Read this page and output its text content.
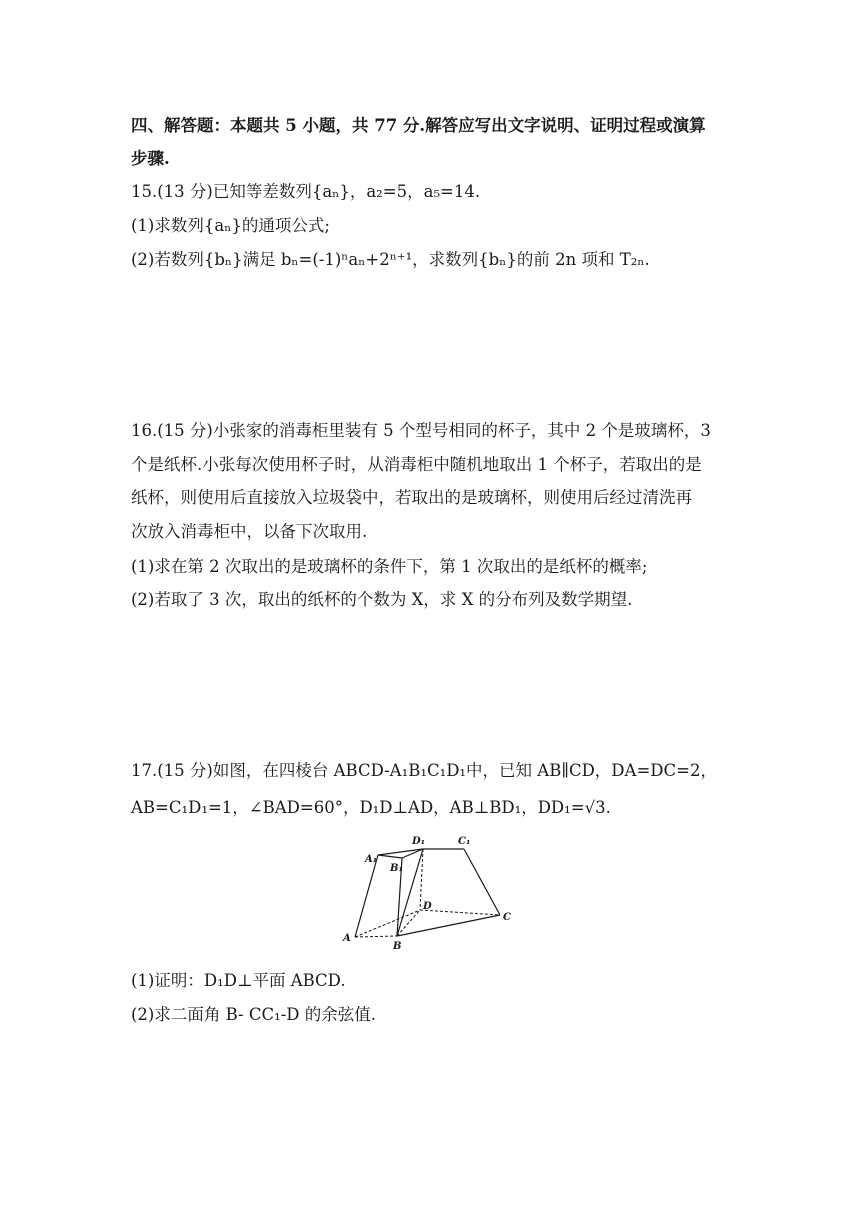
四、解答题：本题共 5 小题，共 77 分.解答应写出文字说明、证明过程或演算
步骤.
15.(13 分)已知等差数列{aₙ}，a₂=5，a₅=14.
(1)求数列{aₙ}的通项公式;
(2)若数列{bₙ}满足 bₙ=(-1)ⁿaₙ+2ⁿ⁺¹，求数列{bₙ}的前 2n 项和 T₂ₙ.
16.(15 分)小张家的消毒柜里装有 5 个型号相同的杯子，其中 2 个是玻璃杯，3
个是纸杯.小张每次使用杯子时，从消毒柜中随机地取出 1 个杯子，若取出的是
纸杯，则使用后直接放入垃圾袋中，若取出的是玻璃杯，则使用后经过清洗再
次放入消毒柜中，以备下次取用.
(1)求在第 2 次取出的是玻璃杯的条件下，第 1 次取出的是纸杯的概率;
(2)若取了 3 次，取出的纸杯的个数为 X，求 X 的分布列及数学期望.
17.(15 分)如图，在四棱台 ABCD-A₁B₁C₁D₁中，已知 AB∥CD，DA=DC=2，
AB=C₁D₁=1，∠BAD=60°，D₁D⊥AD，AB⊥BD₁，DD₁=√3.
A
B
C
D
A₁
B₁
C₁
D₁
(1)证明：D₁D⊥平面 ABCD.
(2)求二面角 B- CC₁-D 的余弦值.
